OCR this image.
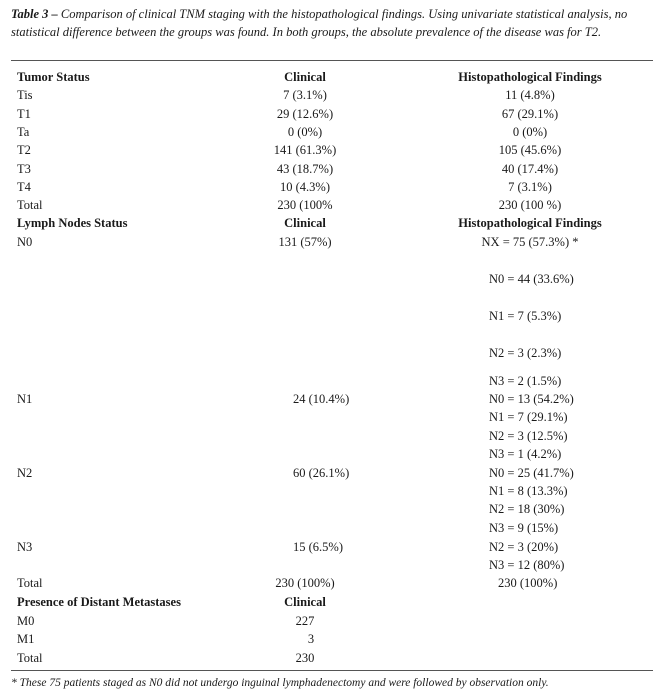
Table 3 – Comparison of clinical TNM staging with the histopathological findings. Using univariate statistical analysis, no statistical difference between the groups was found. In both groups, the absolute prevalence of the disease was for T2.
Tumor Status	Clinical	Histopathological Findings
Tis	7 (3.1%)	11 (4.8%)
T1	29 (12.6%)	67 (29.1%)
Ta	0 (0%)	0 (0%)
T2	141 (61.3%)	105 (45.6%)
T3	43 (18.7%)	40 (17.4%)
T4	10 (4.3%)	7 (3.1%)
Total	230 (100%	230 (100 %)
Lymph Nodes Status	Clinical	Histopathological Findings
N0	131 (57%)	NX = 75 (57.3%) *
N0 = 44 (33.6%)
N1 = 7 (5.3%)
N2 = 3 (2.3%)
N3 = 2 (1.5%)
N1	24 (10.4%)	N0 = 13 (54.2%)
N1 = 7 (29.1%)
N2 = 3 (12.5%)
N3 = 1 (4.2%)
N2	60 (26.1%)	N0 = 25 (41.7%)
N1 = 8 (13.3%)
N2 = 18 (30%)
N3 = 9 (15%)
N3	15 (6.5%)	N2 = 3 (20%)
N3 = 12 (80%)
Total	230 (100%)	230 (100%)
Presence of Distant Metastases	Clinical
M0	227
M1	3
Total	230
* These 75 patients staged as N0 did not undergo inguinal lymphadenectomy and were followed by observation only.
